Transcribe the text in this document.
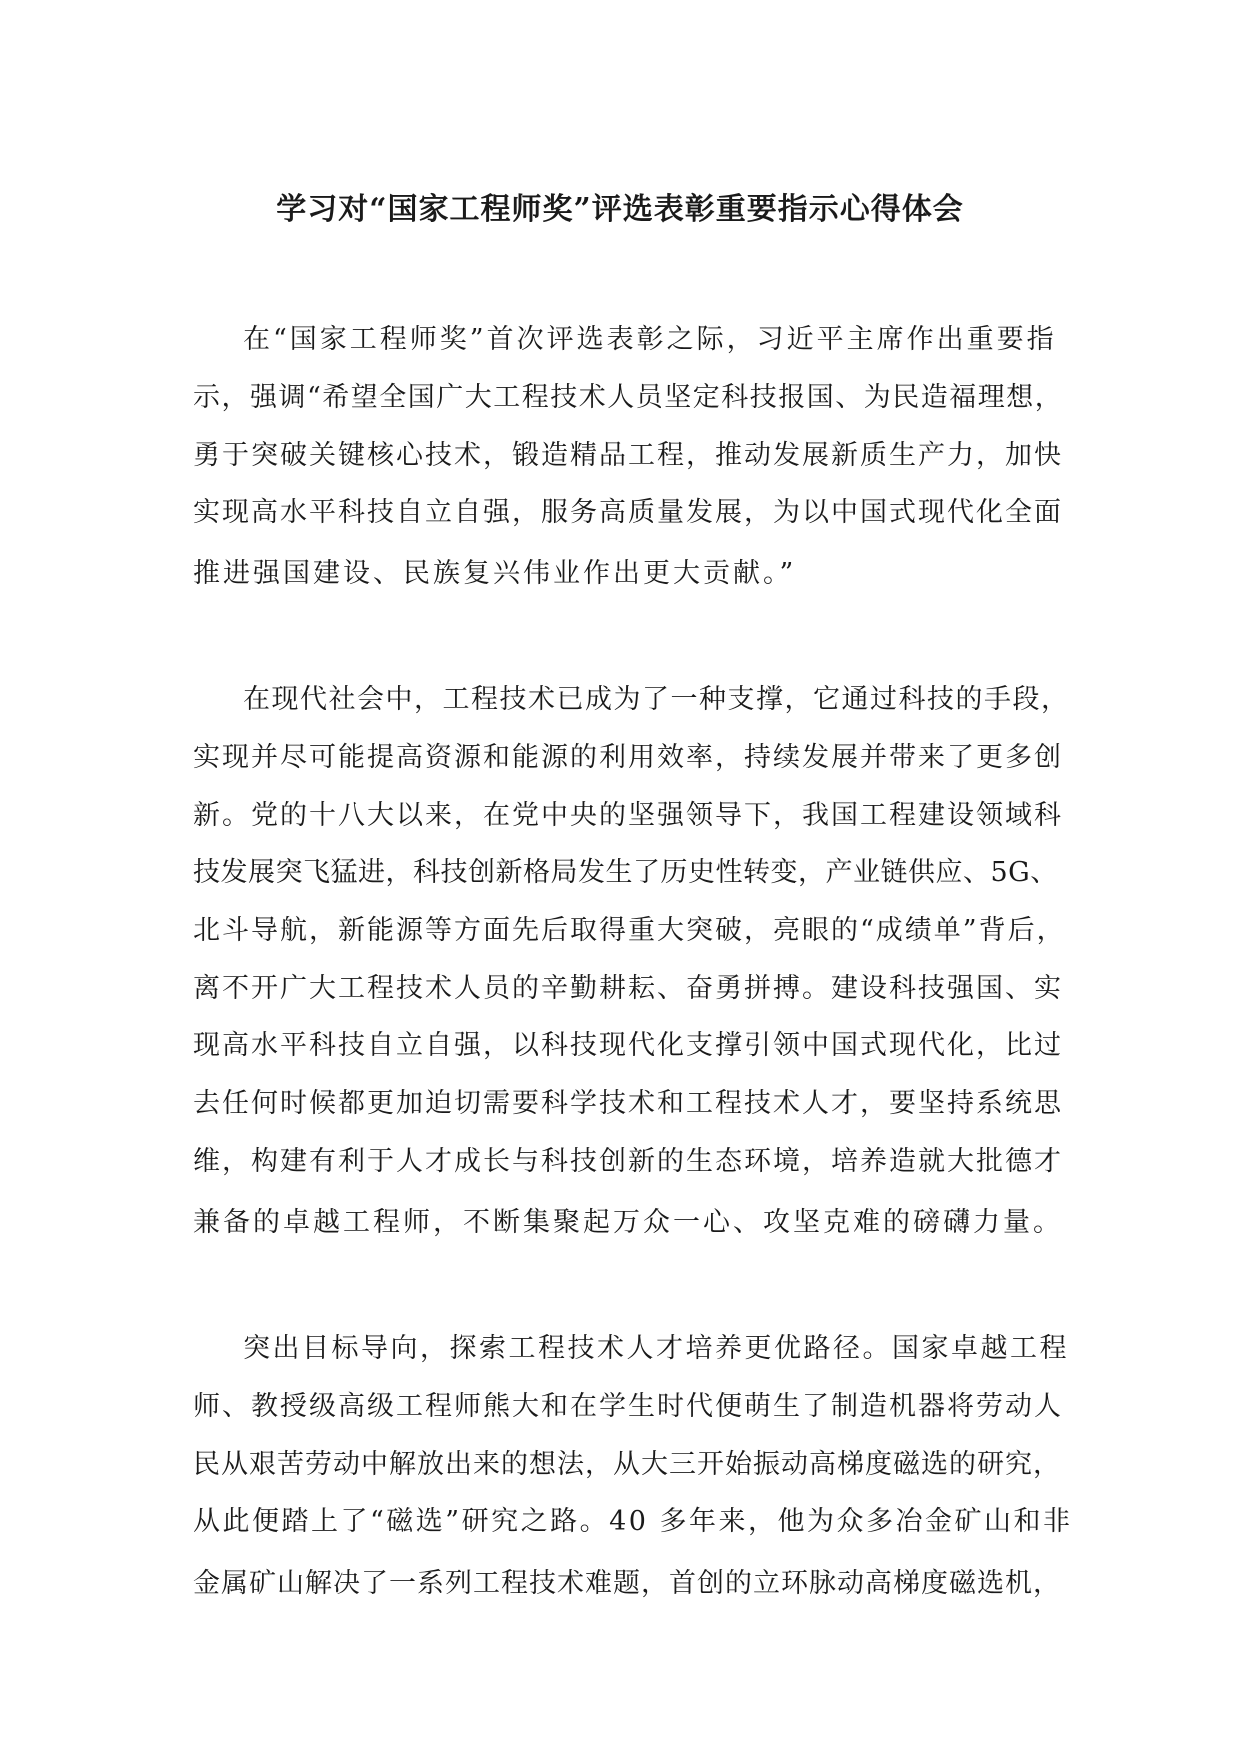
学习对“国家工程师奖”评选表彰重要指示心得体会

在“国家工程师奖”首次评选表彰之际，习近平主席作出重要指

示，强调“希望全国广大工程技术人员坚定科技报国、为民造福理想，

勇于突破关键核心技术，锻造精品工程，推动发展新质生产力，加快

实现高水平科技自立自强，服务高质量发展，为以中国式现代化全面

推进强国建设、民族复兴伟业作出更大贡献。”

在现代社会中，工程技术已成为了一种支撑，它通过科技的手段，

实现并尽可能提高资源和能源的利用效率，持续发展并带来了更多创

新。党的十八大以来，在党中央的坚强领导下，我国工程建设领域科

技发展突飞猛进，科技创新格局发生了历史性转变，产业链供应、5G、

北斗导航，新能源等方面先后取得重大突破，亮眼的“成绩单”背后，

离不开广大工程技术人员的辛勤耕耘、奋勇拼搏。建设科技强国、实

现高水平科技自立自强，以科技现代化支撑引领中国式现代化，比过

去任何时候都更加迫切需要科学技术和工程技术人才，要坚持系统思

维，构建有利于人才成长与科技创新的生态环境，培养造就大批德才

兼备的卓越工程师，不断集聚起万众一心、攻坚克难的磅礴力量。

突出目标导向，探索工程技术人才培养更优路径。国家卓越工程

师、教授级高级工程师熊大和在学生时代便萌生了制造机器将劳动人

民从艰苦劳动中解放出来的想法，从大三开始振动高梯度磁选的研究，

从此便踏上了“磁选”研究之路。40 多年来，他为众多冶金矿山和非

金属矿山解决了一系列工程技术难题，首创的立环脉动高梯度磁选机，
